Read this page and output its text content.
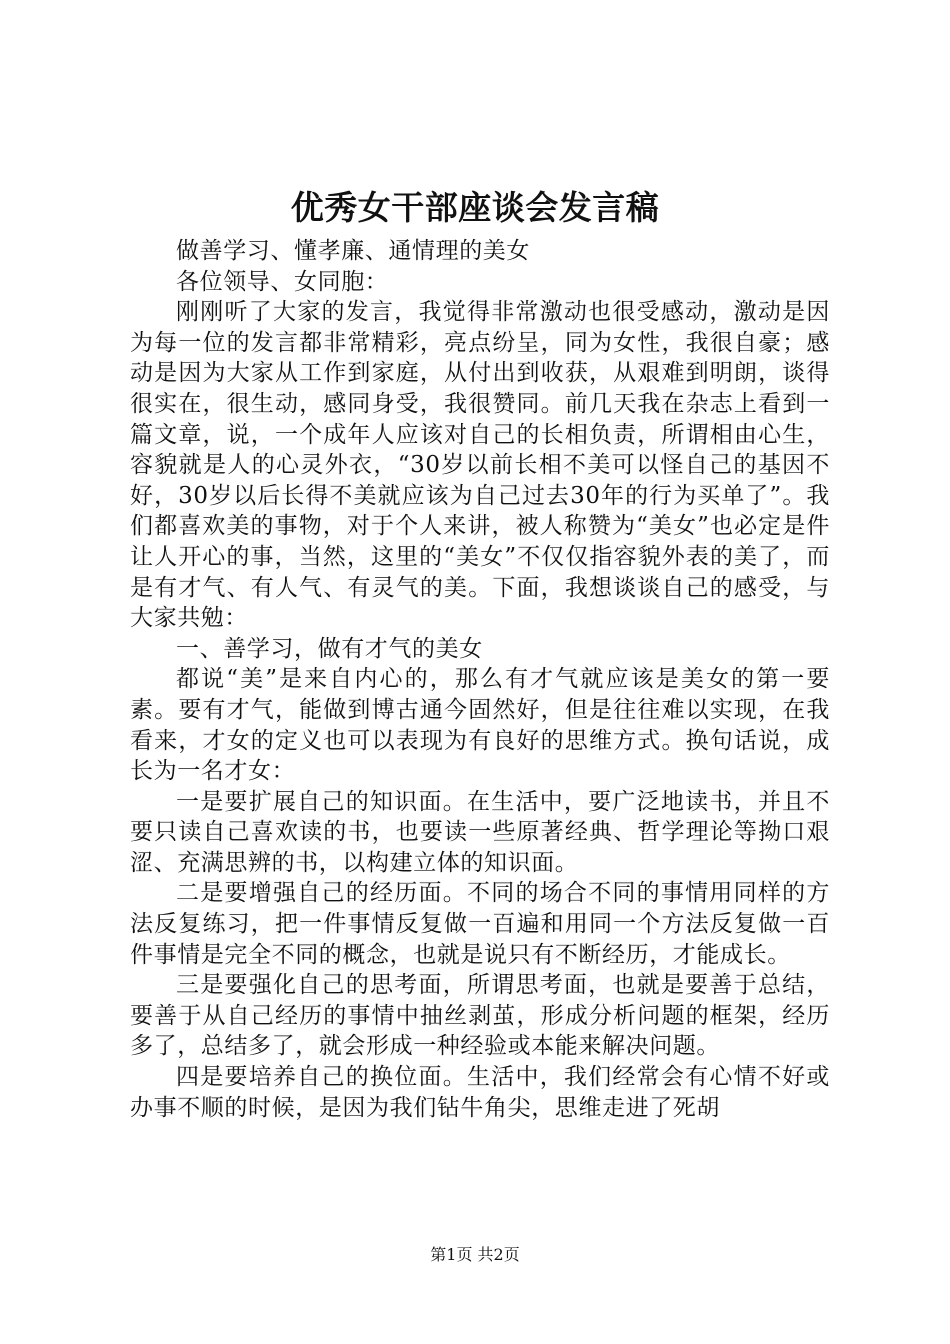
优秀女干部座谈会发言稿

做善学习、懂孝廉、通情理的美女

各位领导、女同胞：

刚刚听了大家的发言，我觉得非常激动也很受感动，激动是因为每一位的发言都非常精彩，亮点纷呈，同为女性，我很自豪；感动是因为大家从工作到家庭，从付出到收获，从艰难到明朗，谈得很实在，很生动，感同身受，我很赞同。前几天我在杂志上看到一篇文章，说，一个成年人应该对自己的长相负责，所谓相由心生，容貌就是人的心灵外衣，“30岁以前长相不美可以怪自己的基因不好，30岁以后长得不美就应该为自己过去30年的行为买单了”。我们都喜欢美的事物，对于个人来讲，被人称赞为“美女”也必定是件让人开心的事，当然，这里的“美女”不仅仅指容貌外表的美了，而是有才气、有人气、有灵气的美。下面，我想谈谈自己的感受，与大家共勉：

一、善学习，做有才气的美女

都说“美”是来自内心的，那么有才气就应该是美女的第一要素。要有才气，能做到博古通今固然好，但是往往难以实现，在我看来，才女的定义也可以表现为有良好的思维方式。换句话说，成长为一名才女：

一是要扩展自己的知识面。在生活中，要广泛地读书，并且不要只读自己喜欢读的书，也要读一些原著经典、哲学理论等拗口艰涩、充满思辨的书，以构建立体的知识面。

二是要增强自己的经历面。不同的场合不同的事情用同样的方法反复练习，把一件事情反复做一百遍和用同一个方法反复做一百件事情是完全不同的概念，也就是说只有不断经历，才能成长。

三是要强化自己的思考面，所谓思考面，也就是要善于总结，要善于从自己经历的事情中抽丝剥茧，形成分析问题的框架，经历多了，总结多了，就会形成一种经验或本能来解决问题。

四是要培养自己的换位面。生活中，我们经常会有心情不好或办事不顺的时候，是因为我们钻牛角尖，思维走进了死胡

第1页 共2页
